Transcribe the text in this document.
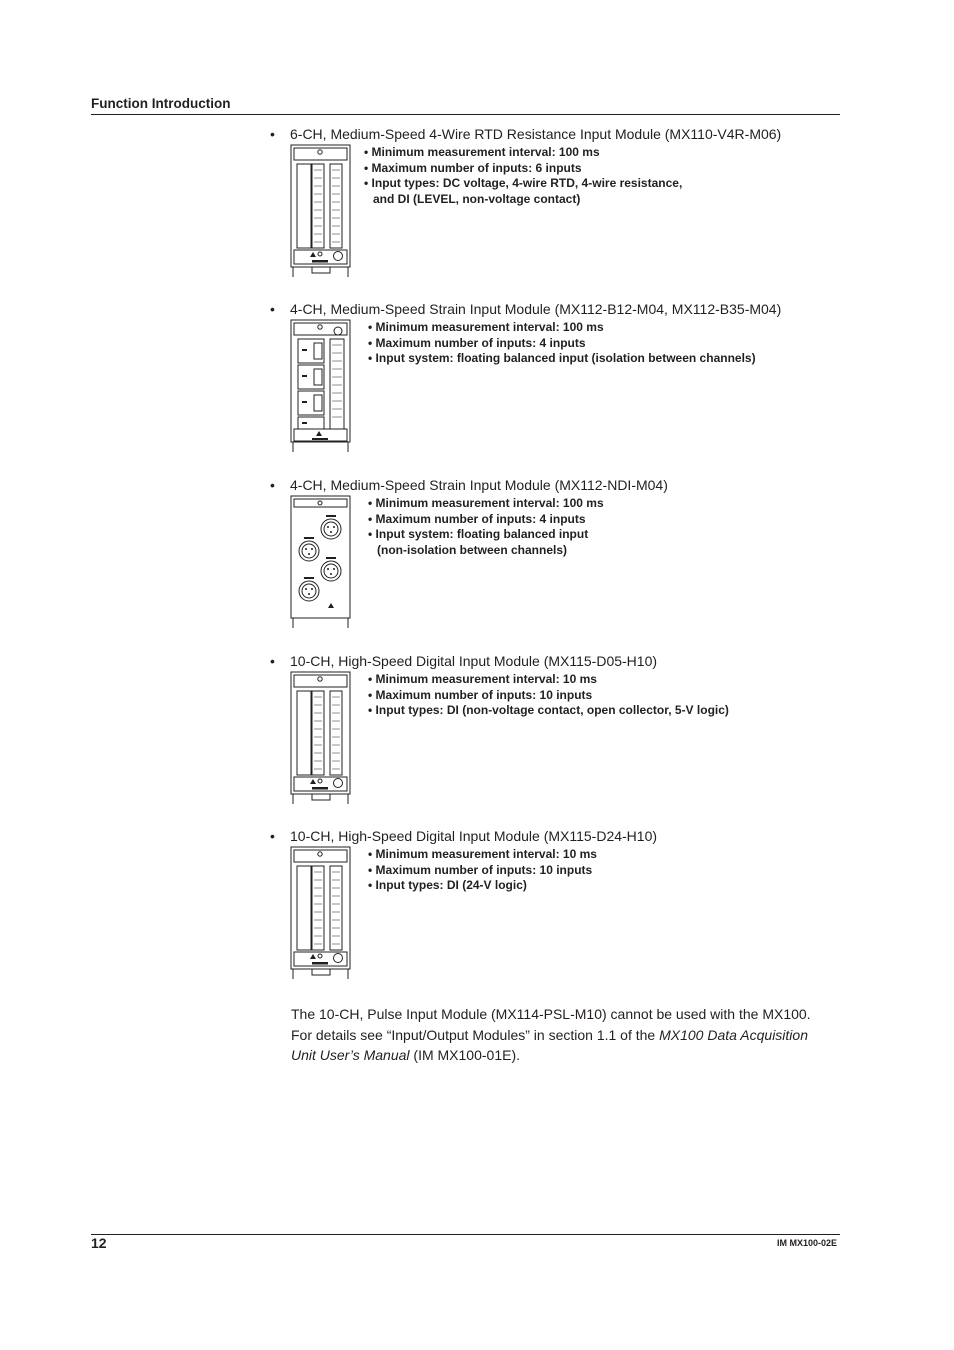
Function Introduction
• 6-CH, Medium-Speed 4-Wire RTD Resistance Input Module (MX110-V4R-M06)
• Minimum measurement interval: 100 ms
• Maximum number of inputs: 6 inputs
• Input types: DC voltage, 4-wire RTD, 4-wire resistance,
and DI (LEVEL, non-voltage contact)
• 4-CH, Medium-Speed Strain Input Module (MX112-B12-M04, MX112-B35-M04)
• Minimum measurement interval: 100 ms
• Maximum number of inputs: 4 inputs
• Input system: floating balanced input (isolation between channels)
• 4-CH, Medium-Speed Strain Input Module (MX112-NDI-M04)
• Minimum measurement interval: 100 ms
• Maximum number of inputs: 4 inputs
• Input system: floating balanced input
(non-isolation between channels)
• 10-CH, High-Speed Digital Input Module (MX115-D05-H10)
• Minimum measurement interval: 10 ms
• Maximum number of inputs: 10 inputs
• Input types: DI (non-voltage contact, open collector, 5-V logic)
• 10-CH, High-Speed Digital Input Module (MX115-D24-H10)
• Minimum measurement interval: 10 ms
• Maximum number of inputs: 10 inputs
• Input types: DI (24-V logic)
The 10-CH, Pulse Input Module (MX114-PSL-M10) cannot be used with the MX100.
For details see “Input/Output Modules” in section 1.1 of the MX100 Data Acquisition
Unit User’s Manual (IM MX100-01E).
12	IM MX100-02E
